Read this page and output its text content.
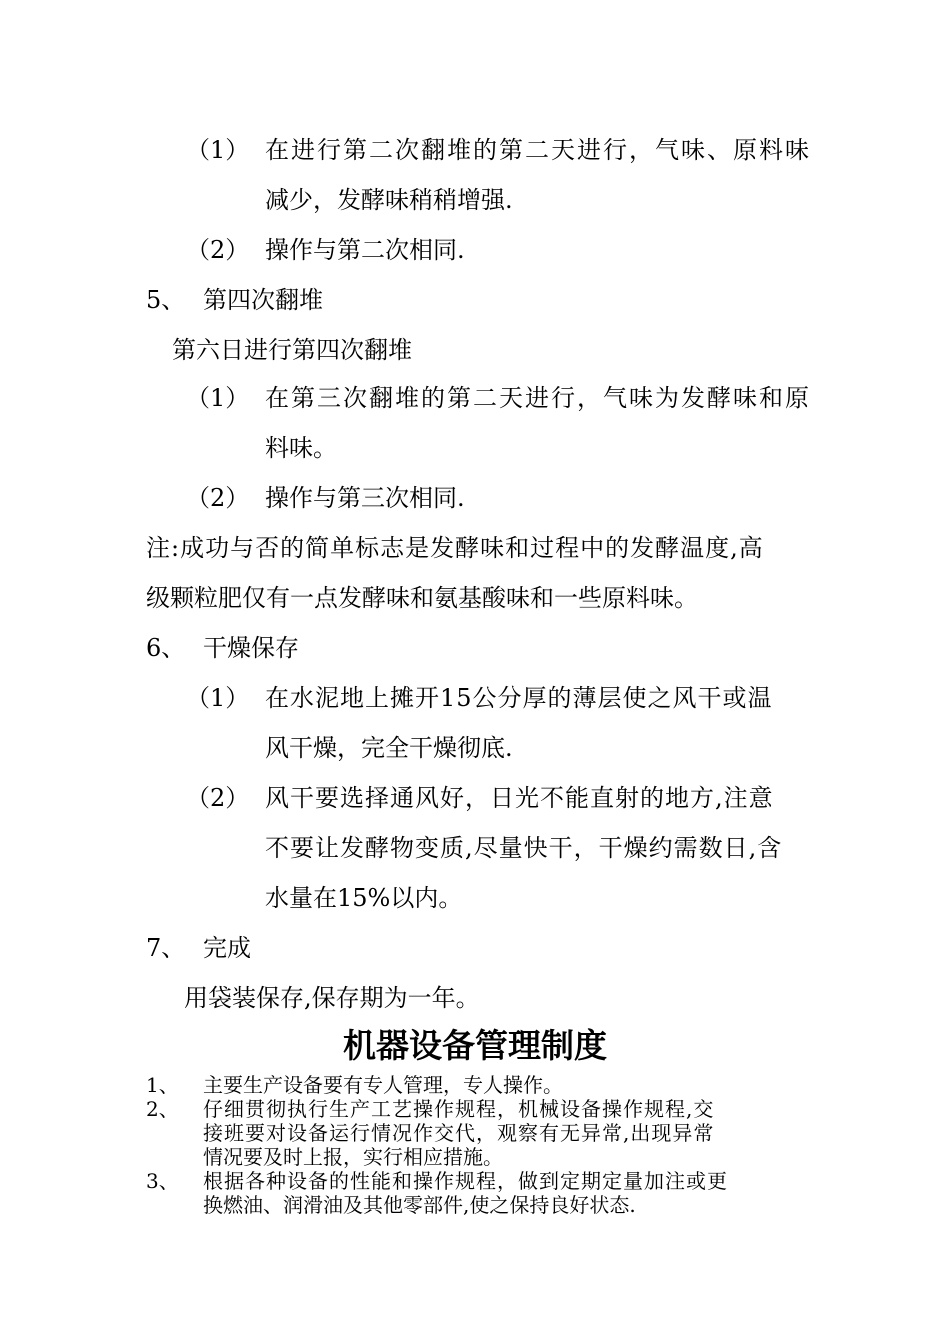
（1） 在进行第二次翻堆的第二天进行，气味、原料味
减少，发酵味稍稍增强.
（2） 操作与第二次相同.
5、 第四次翻堆
第六日进行第四次翻堆
（1） 在第三次翻堆的第二天进行，气味为发酵味和原
料味。
（2） 操作与第三次相同.
注:成功与否的简单标志是发酵味和过程中的发酵温度,高
级颗粒肥仅有一点发酵味和氨基酸味和一些原料味。
6、 干燥保存
（1） 在水泥地上摊开15公分厚的薄层使之风干或温
风干燥，完全干燥彻底.
（2） 风干要选择通风好，日光不能直射的地方,注意
不要让发酵物变质,尽量快干，干燥约需数日,含
水量在15%以内。
7、 完成
用袋装保存,保存期为一年。
机器设备管理制度
1、 主要生产设备要有专人管理，专人操作。
2、 仔细贯彻执行生产工艺操作规程，机械设备操作规程,交
接班要对设备运行情况作交代，观察有无异常,出现异常
情况要及时上报，实行相应措施。
3、 根据各种设备的性能和操作规程，做到定期定量加注或更
换燃油、润滑油及其他零部件,使之保持良好状态.
